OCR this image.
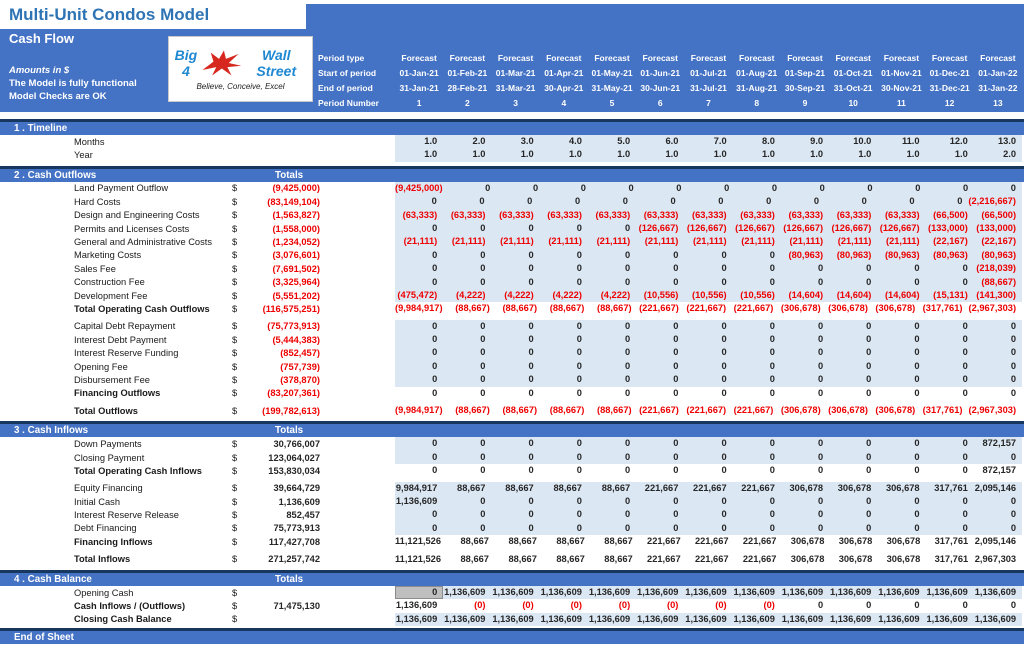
Multi-Unit Condos Model
Cash Flow
Amounts in $
The Model is fully functional
Model Checks are OK
Big 4
Wall Street
Believe, Conceive, Excel
Period type	Forecast	Forecast	Forecast	Forecast	Forecast	Forecast	Forecast	Forecast	Forecast	Forecast	Forecast	Forecast	Forecast
Start of period	01-Jan-21	01-Feb-21	01-Mar-21	01-Apr-21 01-May-21 01-Jun-21	01-Jul-21	01-Aug-21 01-Sep-21	01-Oct-21	01-Nov-21 01-Dec-21	01-Jan-22
End of period	31-Jan-21	28-Feb-21	31-Mar-21	30-Apr-21 31-May-21 30-Jun-21	31-Jul-21	31-Aug-21 30-Sep-21	31-Oct-21	30-Nov-21 31-Dec-21	31-Jan-22
Period Number	1	2	3	4	5	6	7	8	9	10	11	12	13
1 . Timeline
Months	1.0	2.0	3.0	4.0	5.0	6.0	7.0	8.0	9.0	10.0	11.0	12.0	13.0
Year	1.0	1.0	1.0	1.0	1.0	1.0	1.0	1.0	1.0	1.0	1.0	1.0	2.0
2 . Cash Outflows	Totals
Land Payment Outflow	$	(9,425,000)	(9,425,000)	0	0	0	0	0	0	0	0	0	0	0	0
Hard Costs	$	(83,149,104)	0	0	0	0	0	0	0	0	0	0	0	0 (2,216,667)
Design and Engineering Costs	$	(1,563,827)	(63,333)	(63,333)	(63,333)	(63,333)	(63,333)	(63,333)	(63,333)	(63,333)	(63,333)	(63,333)	(63,333)	(66,500)	(66,500)
Permits and Licenses Costs	$	(1,558,000)	0	0	0	0	0 (126,667) (126,667) (126,667) (126,667) (126,667) (126,667) (133,000) (133,000)
General and Administrative Costs	$	(1,234,052)	(21,111)	(21,111)	(21,111)	(21,111)	(21,111)	(21,111)	(21,111)	(21,111)	(21,111)	(21,111)	(21,111)	(22,167)	(22,167)
Marketing Costs	$	(3,076,601)	0	0	0	0	0	0	0	0	(80,963)	(80,963)	(80,963)	(80,963)	(80,963)
Sales Fee	$	(7,691,502)	0	0	0	0	0	0	0	0	0	0	0	0 (218,039)
Construction Fee	$	(3,325,964)	0	0	0	0	0	0	0	0	0	0	0	0	(88,667)
Development Fee	$	(5,551,202)	(475,472)	(4,222)	(4,222)	(4,222)	(4,222)	(10,556)	(10,556)	(10,556)	(14,604)	(14,604)	(14,604)	(15,131) (141,300)
Total Operating Cash Outflows	$	(116,575,251)	(9,984,917)	(88,667)	(88,667)	(88,667)	(88,667) (221,667) (221,667) (221,667) (306,678) (306,678) (306,678) (317,761) (2,967,303)
Capital Debt Repayment	$	(75,773,913)	0	0	0	0	0	0	0	0	0	0	0	0	0
Interest Debt Payment	$	(5,444,383)	0	0	0	0	0	0	0	0	0	0	0	0	0
Interest Reserve Funding	$	(852,457)	0	0	0	0	0	0	0	0	0	0	0	0	0
Opening Fee	$	(757,739)	0	0	0	0	0	0	0	0	0	0	0	0	0
Disbursement Fee	$	(378,870)	0	0	0	0	0	0	0	0	0	0	0	0	0
Financing Outflows	$	(83,207,361)	0	0	0	0	0	0	0	0	0	0	0	0	0
Total Outflows	$	(199,782,613)	(9,984,917)	(88,667)	(88,667)	(88,667)	(88,667) (221,667) (221,667) (221,667) (306,678) (306,678) (306,678) (317,761) (2,967,303)
3 . Cash Inflows	Totals
Down Payments	$	30,766,007	0	0	0	0	0	0	0	0	0	0	0	0	872,157
Closing Payment	$	123,064,027	0	0	0	0	0	0	0	0	0	0	0	0	0
Total Operating Cash Inflows	$	153,830,034	0	0	0	0	0	0	0	0	0	0	0	0	872,157
Equity Financing	$	39,664,729	9,984,917	88,667	88,667	88,667	88,667	221,667	221,667	221,667	306,678	306,678	306,678	317,761 2,095,146
Initial Cash	$	1,136,609	1,136,609	0	0	0	0	0	0	0	0	0	0	0	0
Interest Reserve Release	$	852,457	0	0	0	0	0	0	0	0	0	0	0	0	0
Debt Financing	$	75,773,913	0	0	0	0	0	0	0	0	0	0	0	0	0
Financing Inflows	$	117,427,708	11,121,526	88,667	88,667	88,667	88,667	221,667	221,667	221,667	306,678	306,678	306,678	317,761 2,095,146
Total Inflows	$	271,257,742	11,121,526	88,667	88,667	88,667	88,667	221,667	221,667	221,667	306,678	306,678	306,678	317,761 2,967,303
4 . Cash Balance	Totals
Opening Cash	$	0 1,136,609 1,136,609 1,136,609 1,136,609 1,136,609 1,136,609 1,136,609 1,136,609 1,136,609 1,136,609 1,136,609 1,136,609
Cash Inflows / (Outflows)	$	71,475,130	1,136,609	(0)	(0)	(0)	(0)	(0)	(0)	(0)	0	0	0	0	0
Closing Cash Balance	$	1,136,609 1,136,609 1,136,609 1,136,609 1,136,609 1,136,609 1,136,609 1,136,609 1,136,609 1,136,609 1,136,609 1,136,609 1,136,609
End of Sheet
